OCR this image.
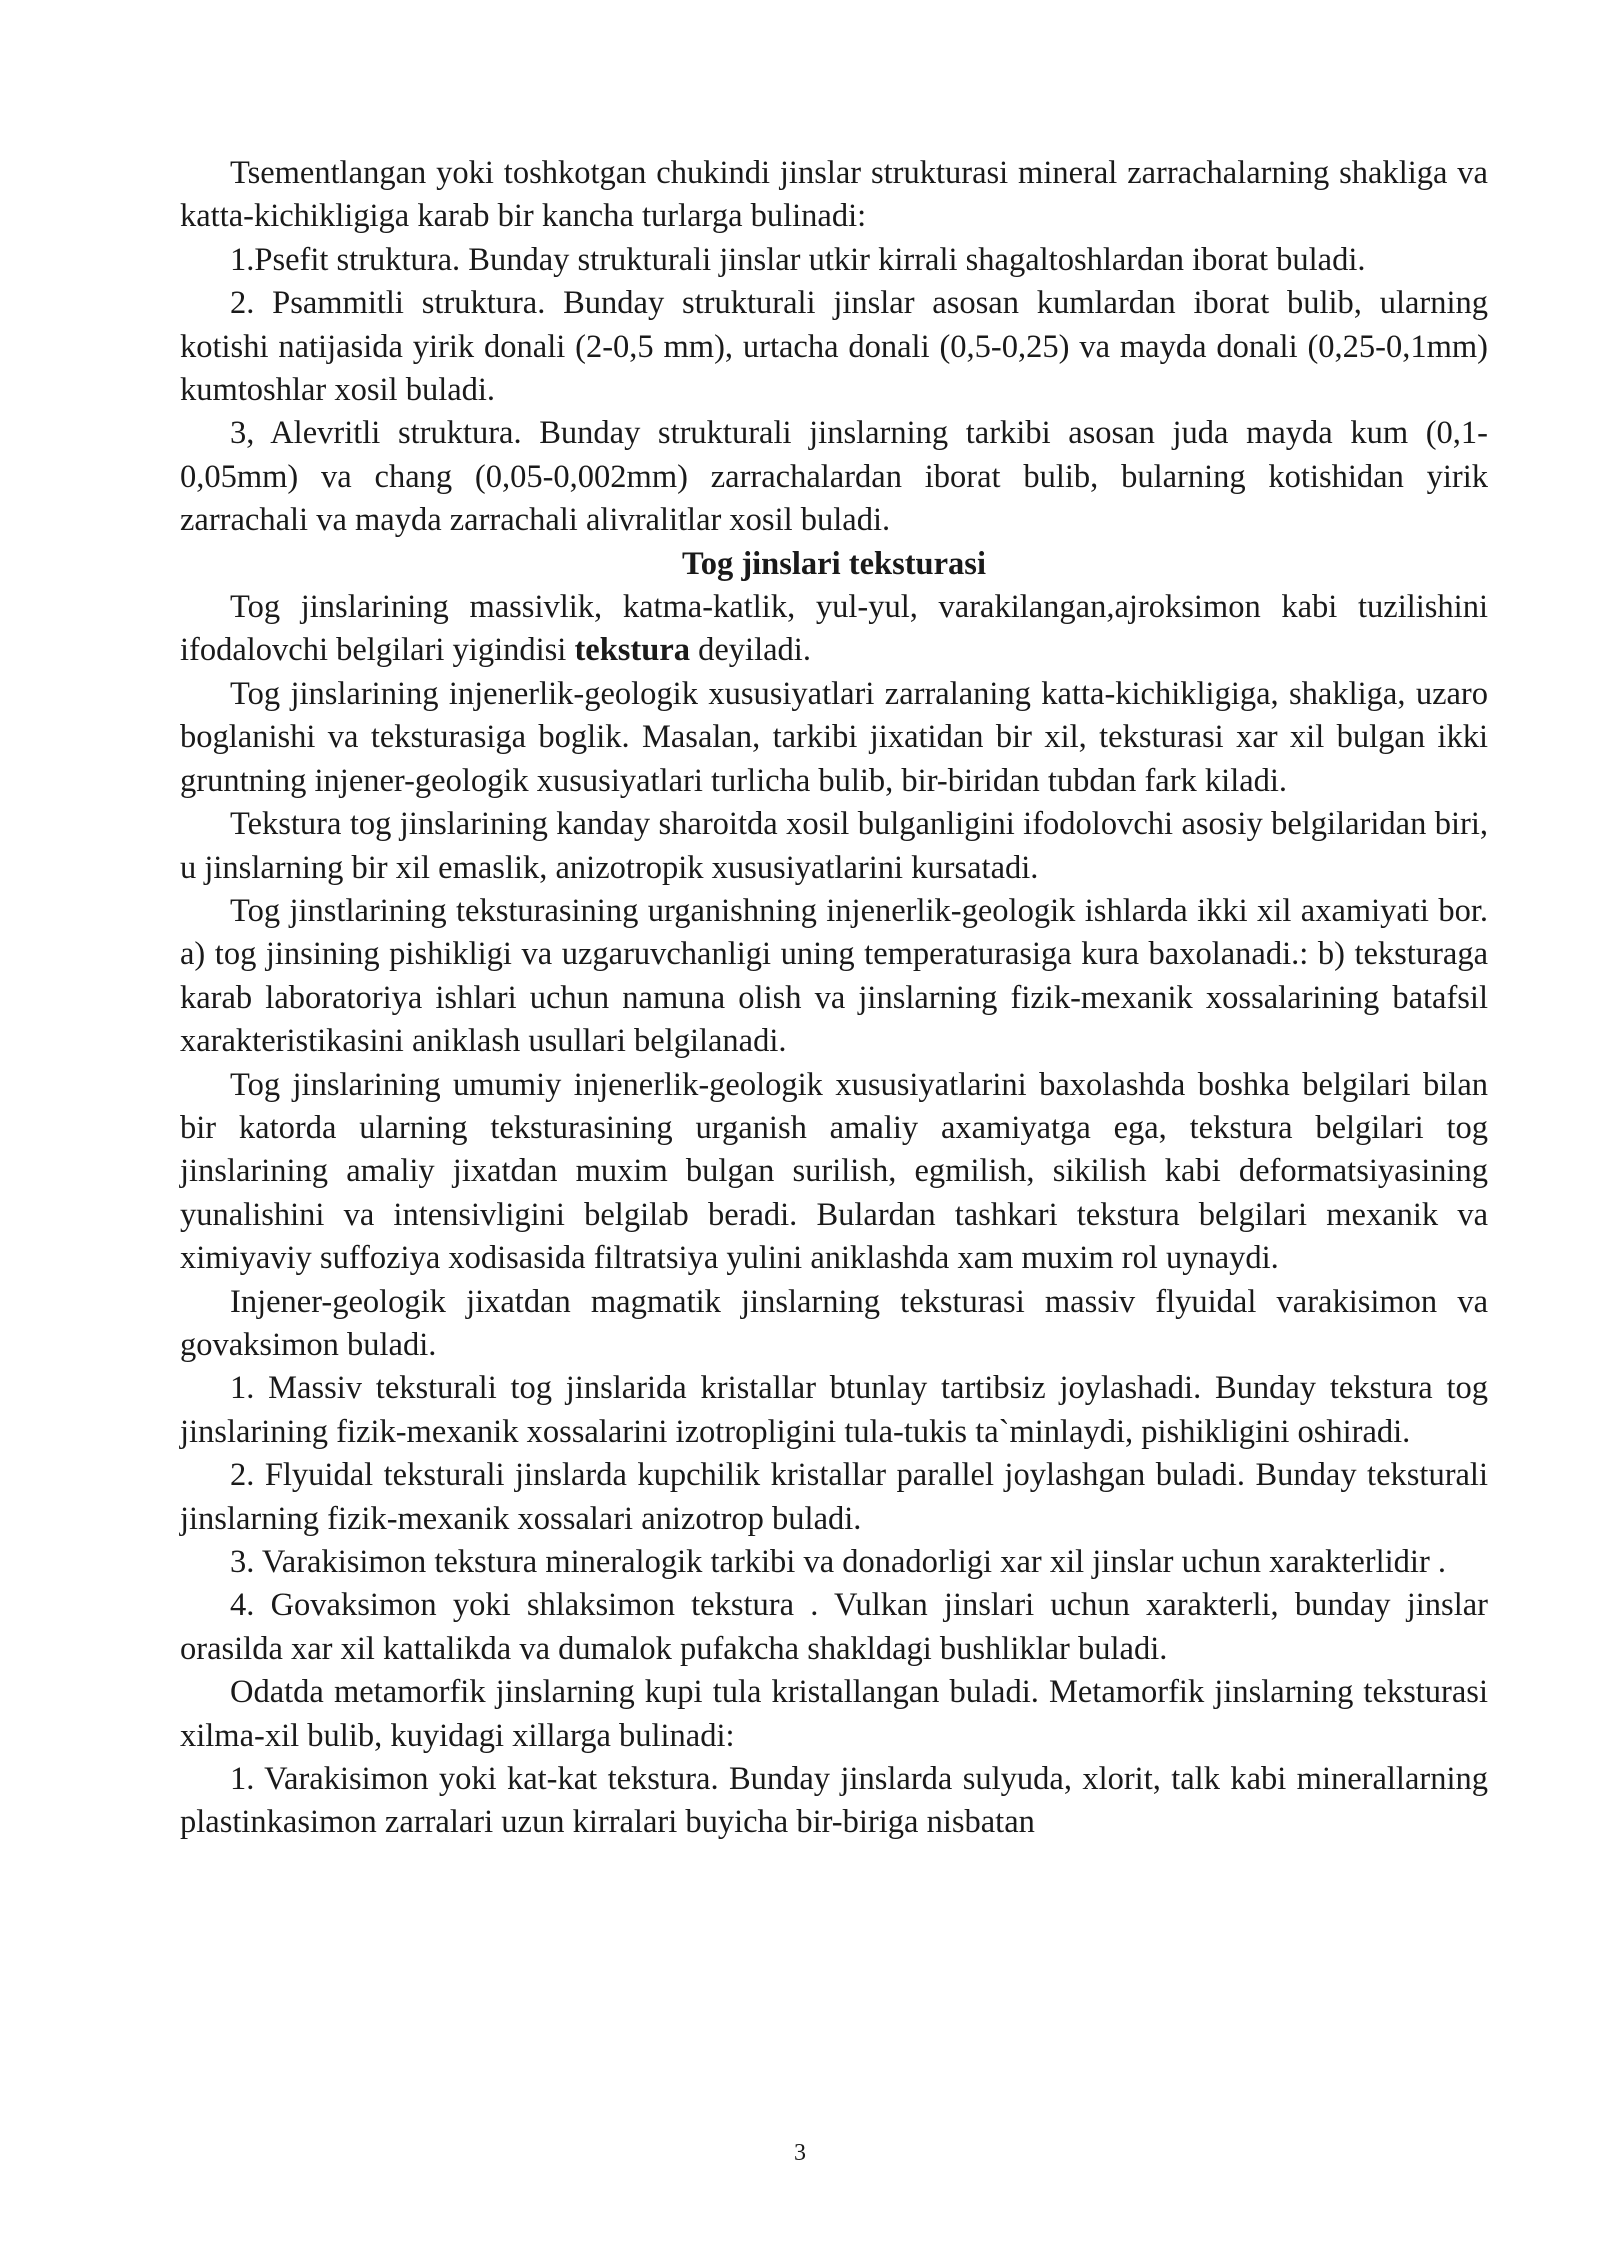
Tsementlangan yoki toshkotgan chukindi jinslar strukturasi mineral zarrachalarning shakliga va katta-kichikligiga karab bir kancha turlarga bulinadi:

1.Psefit struktura. Bunday strukturali jinslar utkir kirrali shagaltoshlardan iborat buladi.

2. Psammitli struktura. Bunday strukturali jinslar asosan kumlardan iborat bulib, ularning kotishi natijasida yirik donali (2-0,5 mm), urtacha donali (0,5-0,25) va mayda donali (0,25-0,1mm) kumtoshlar xosil buladi.

3, Alevritli struktura. Bunday strukturali jinslarning tarkibi asosan juda mayda kum (0,1-0,05mm) va chang (0,05-0,002mm) zarrachalardan iborat bulib, bularning kotishidan yirik zarrachali va mayda zarrachali alivralitlar xosil buladi.

Tog jinslari teksturasi

Tog jinslarining massivlik, katma-katlik, yul-yul, varakilangan,ajroksimon kabi tuzilishini ifodalovchi belgilari yigindisi tekstura deyiladi.

Tog jinslarining injenerlik-geologik xususiyatlari zarralaning katta-kichikligiga, shakliga, uzaro boglanishi va teksturasiga boglik. Masalan, tarkibi jixatidan bir xil, teksturasi xar xil bulgan ikki gruntning injener-geologik xususiyatlari turlicha bulib, bir-biridan tubdan fark kiladi.

Tekstura tog jinslarining kanday sharoitda xosil bulganligini ifodolovchi asosiy belgilaridan biri, u jinslarning bir xil emaslik, anizotropik xususiyatlarini kursatadi.

Tog jinstlarining teksturasining urganishning injenerlik-geologik ishlarda ikki xil axamiyati bor. a) tog jinsining pishikligi va uzgaruvchanligi uning temperaturasiga kura baxolanadi.: b) teksturaga karab laboratoriya ishlari uchun namuna olish va jinslarning fizik-mexanik xossalarining batafsil xarakteristikasini aniklash usullari belgilanadi.

Tog jinslarining umumiy injenerlik-geologik xususiyatlarini baxolashda boshka belgilari bilan bir katorda ularning teksturasining urganish amaliy axamiyatga ega, tekstura belgilari tog jinslarining amaliy jixatdan muxim bulgan surilish, egmilish, sikilish kabi deformatsiyasining yunalishini va intensivligini belgilab beradi. Bulardan tashkari tekstura belgilari mexanik va ximiyaviy suffoziya xodisasida filtratsiya yulini aniklashda xam muxim rol uynaydi.

Injener-geologik jixatdan magmatik jinslarning teksturasi massiv flyuidal varakisimon va govaksimon buladi.

1. Massiv teksturali tog jinslarida kristallar btunlay tartibsiz joylashadi. Bunday tekstura tog jinslarining fizik-mexanik xossalarini izotropligini tula-tukis ta`minlaydi, pishikligini oshiradi.

2. Flyuidal teksturali jinslarda kupchilik kristallar parallel joylashgan buladi. Bunday teksturali jinslarning fizik-mexanik xossalari anizotrop buladi.

3. Varakisimon tekstura mineralogik tarkibi va donadorligi xar xil jinslar uchun xarakterlidir .

4. Govaksimon yoki shlaksimon tekstura . Vulkan jinslari uchun xarakterli, bunday jinslar orasilda xar xil kattalikda va dumalok pufakcha shakldagi bushliklar buladi.

Odatda metamorfik jinslarning kupi tula kristallangan buladi. Metamorfik jinslarning teksturasi xilma-xil bulib, kuyidagi xillarga bulinadi:

1. Varakisimon yoki kat-kat tekstura. Bunday jinslarda sulyuda, xlorit, talk kabi minerallarning plastinkasimon zarralari uzun kirralari buyicha bir-biriga nisbatan

3
